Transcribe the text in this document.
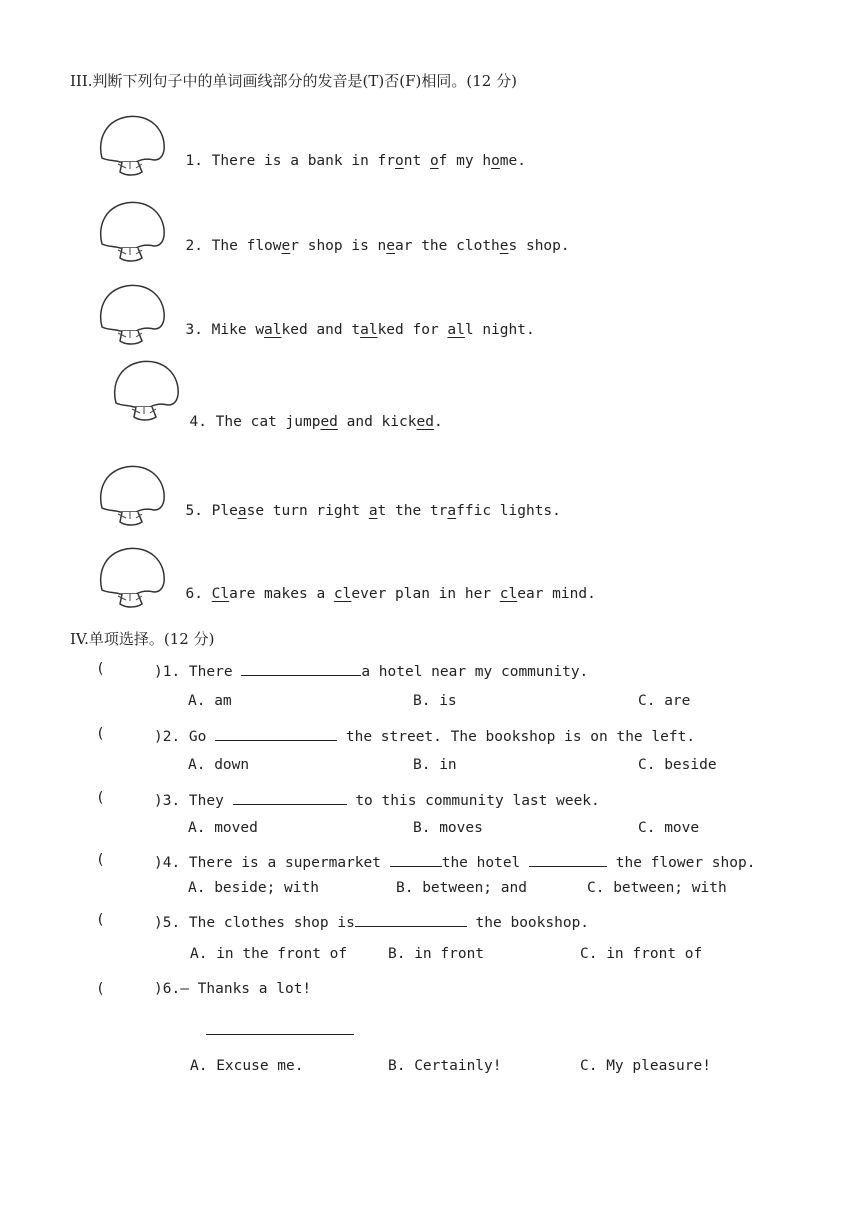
III.判断下列句子中的单词画线部分的发音是(T)否(F)相同。(12 分)

1. There is a bank in front of my home.

2. The flower shop is near the clothes shop.

3. Mike walked and talked for all night.

4. The cat jumped and kicked.

5. Please turn right at the traffic lights.

6. Clare makes a clever plan in her clear mind.

IV.单项选择。(12 分)
(	)1. There	a hotel near my community.
A. am	B. is	C. are
(	)2. Go	the street. The bookshop is on the left.
A. down	B. in	C. beside
(	)3. They	to this community last week.
A. moved	B. moves	C. move
(	)4. There is a supermarket	the hotel	the flower shop.
A. beside; with	B. between; and	C. between; with
(	)5. The clothes shop is	the bookshop.
A. in the front of	B. in front	C. in front of
(	)6.— Thanks a lot!
A. Excuse me.	B. Certainly!	C. My pleasure!
